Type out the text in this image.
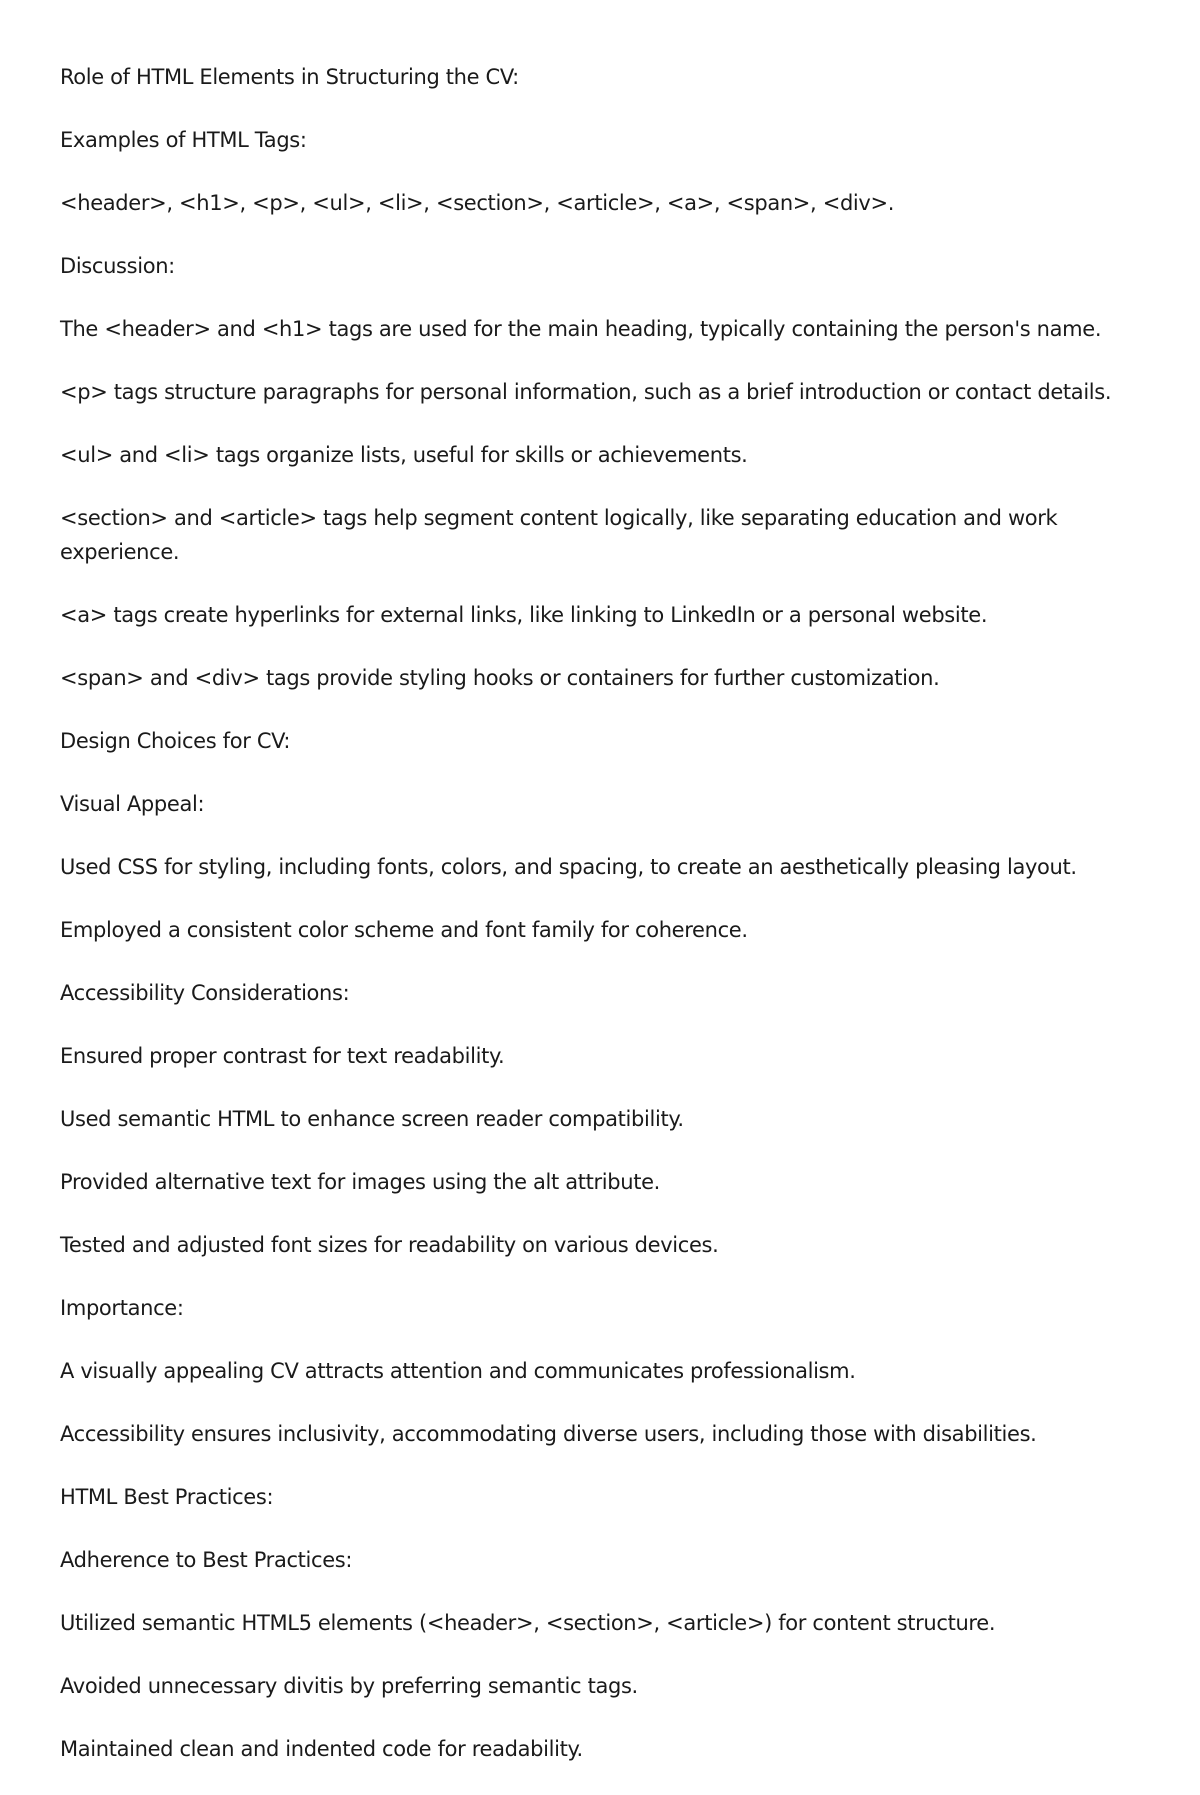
Role of HTML Elements in Structuring the CV:

Examples of HTML Tags:

<header>, <h1>, <p>, <ul>, <li>, <section>, <article>, <a>, <span>, <div>.

Discussion:

The <header> and <h1> tags are used for the main heading, typically containing the person's name.

<p> tags structure paragraphs for personal information, such as a brief introduction or contact details.

<ul> and <li> tags organize lists, useful for skills or achievements.

<section> and <article> tags help segment content logically, like separating education and work experience.

<a> tags create hyperlinks for external links, like linking to LinkedIn or a personal website.

<span> and <div> tags provide styling hooks or containers for further customization.

Design Choices for CV:

Visual Appeal:

Used CSS for styling, including fonts, colors, and spacing, to create an aesthetically pleasing layout.

Employed a consistent color scheme and font family for coherence.

Accessibility Considerations:

Ensured proper contrast for text readability.

Used semantic HTML to enhance screen reader compatibility.

Provided alternative text for images using the alt attribute.

Tested and adjusted font sizes for readability on various devices.

Importance:

A visually appealing CV attracts attention and communicates professionalism.

Accessibility ensures inclusivity, accommodating diverse users, including those with disabilities.

HTML Best Practices:

Adherence to Best Practices:

Utilized semantic HTML5 elements (<header>, <section>, <article>) for content structure.

Avoided unnecessary divitis by preferring semantic tags.

Maintained clean and indented code for readability.
